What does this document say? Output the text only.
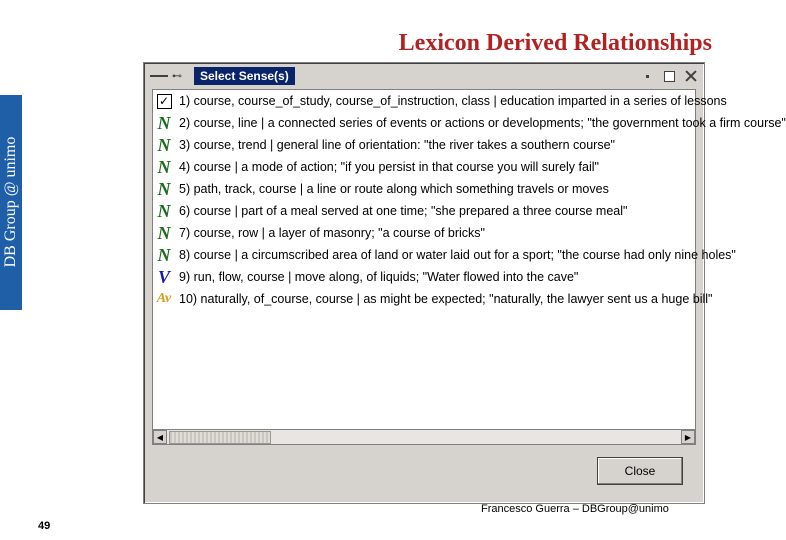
Lexicon Derived Relationships
DB Group @ unimo
⊷	Select Sense(s)
✓ 1) course, course_of_study, course_of_instruction, class | education imparted in a series of lessons
N 2) course, line | a connected series of events or actions or developments; "the government took a firm course"
N 3) course, trend | general line of orientation: "the river takes a southern course"
N 4) course | a mode of action; "if you persist in that course you will surely fail"
N 5) path, track, course | a line or route along which something travels or moves
N 6) course | part of a meal served at one time; "she prepared a three course meal"
N 7) course, row | a layer of masonry; "a course of bricks"
N 8) course | a circumscribed area of land or water laid out for a sport; "the course had only nine holes"
V 9) run, flow, course | move along, of liquids; "Water flowed into the cave"
Av 10) naturally, of_course, course | as might be expected; "naturally, the lawyer sent us a huge bill"
◀	▶
Close
Francesco Guerra – DBGroup@unimo
49
